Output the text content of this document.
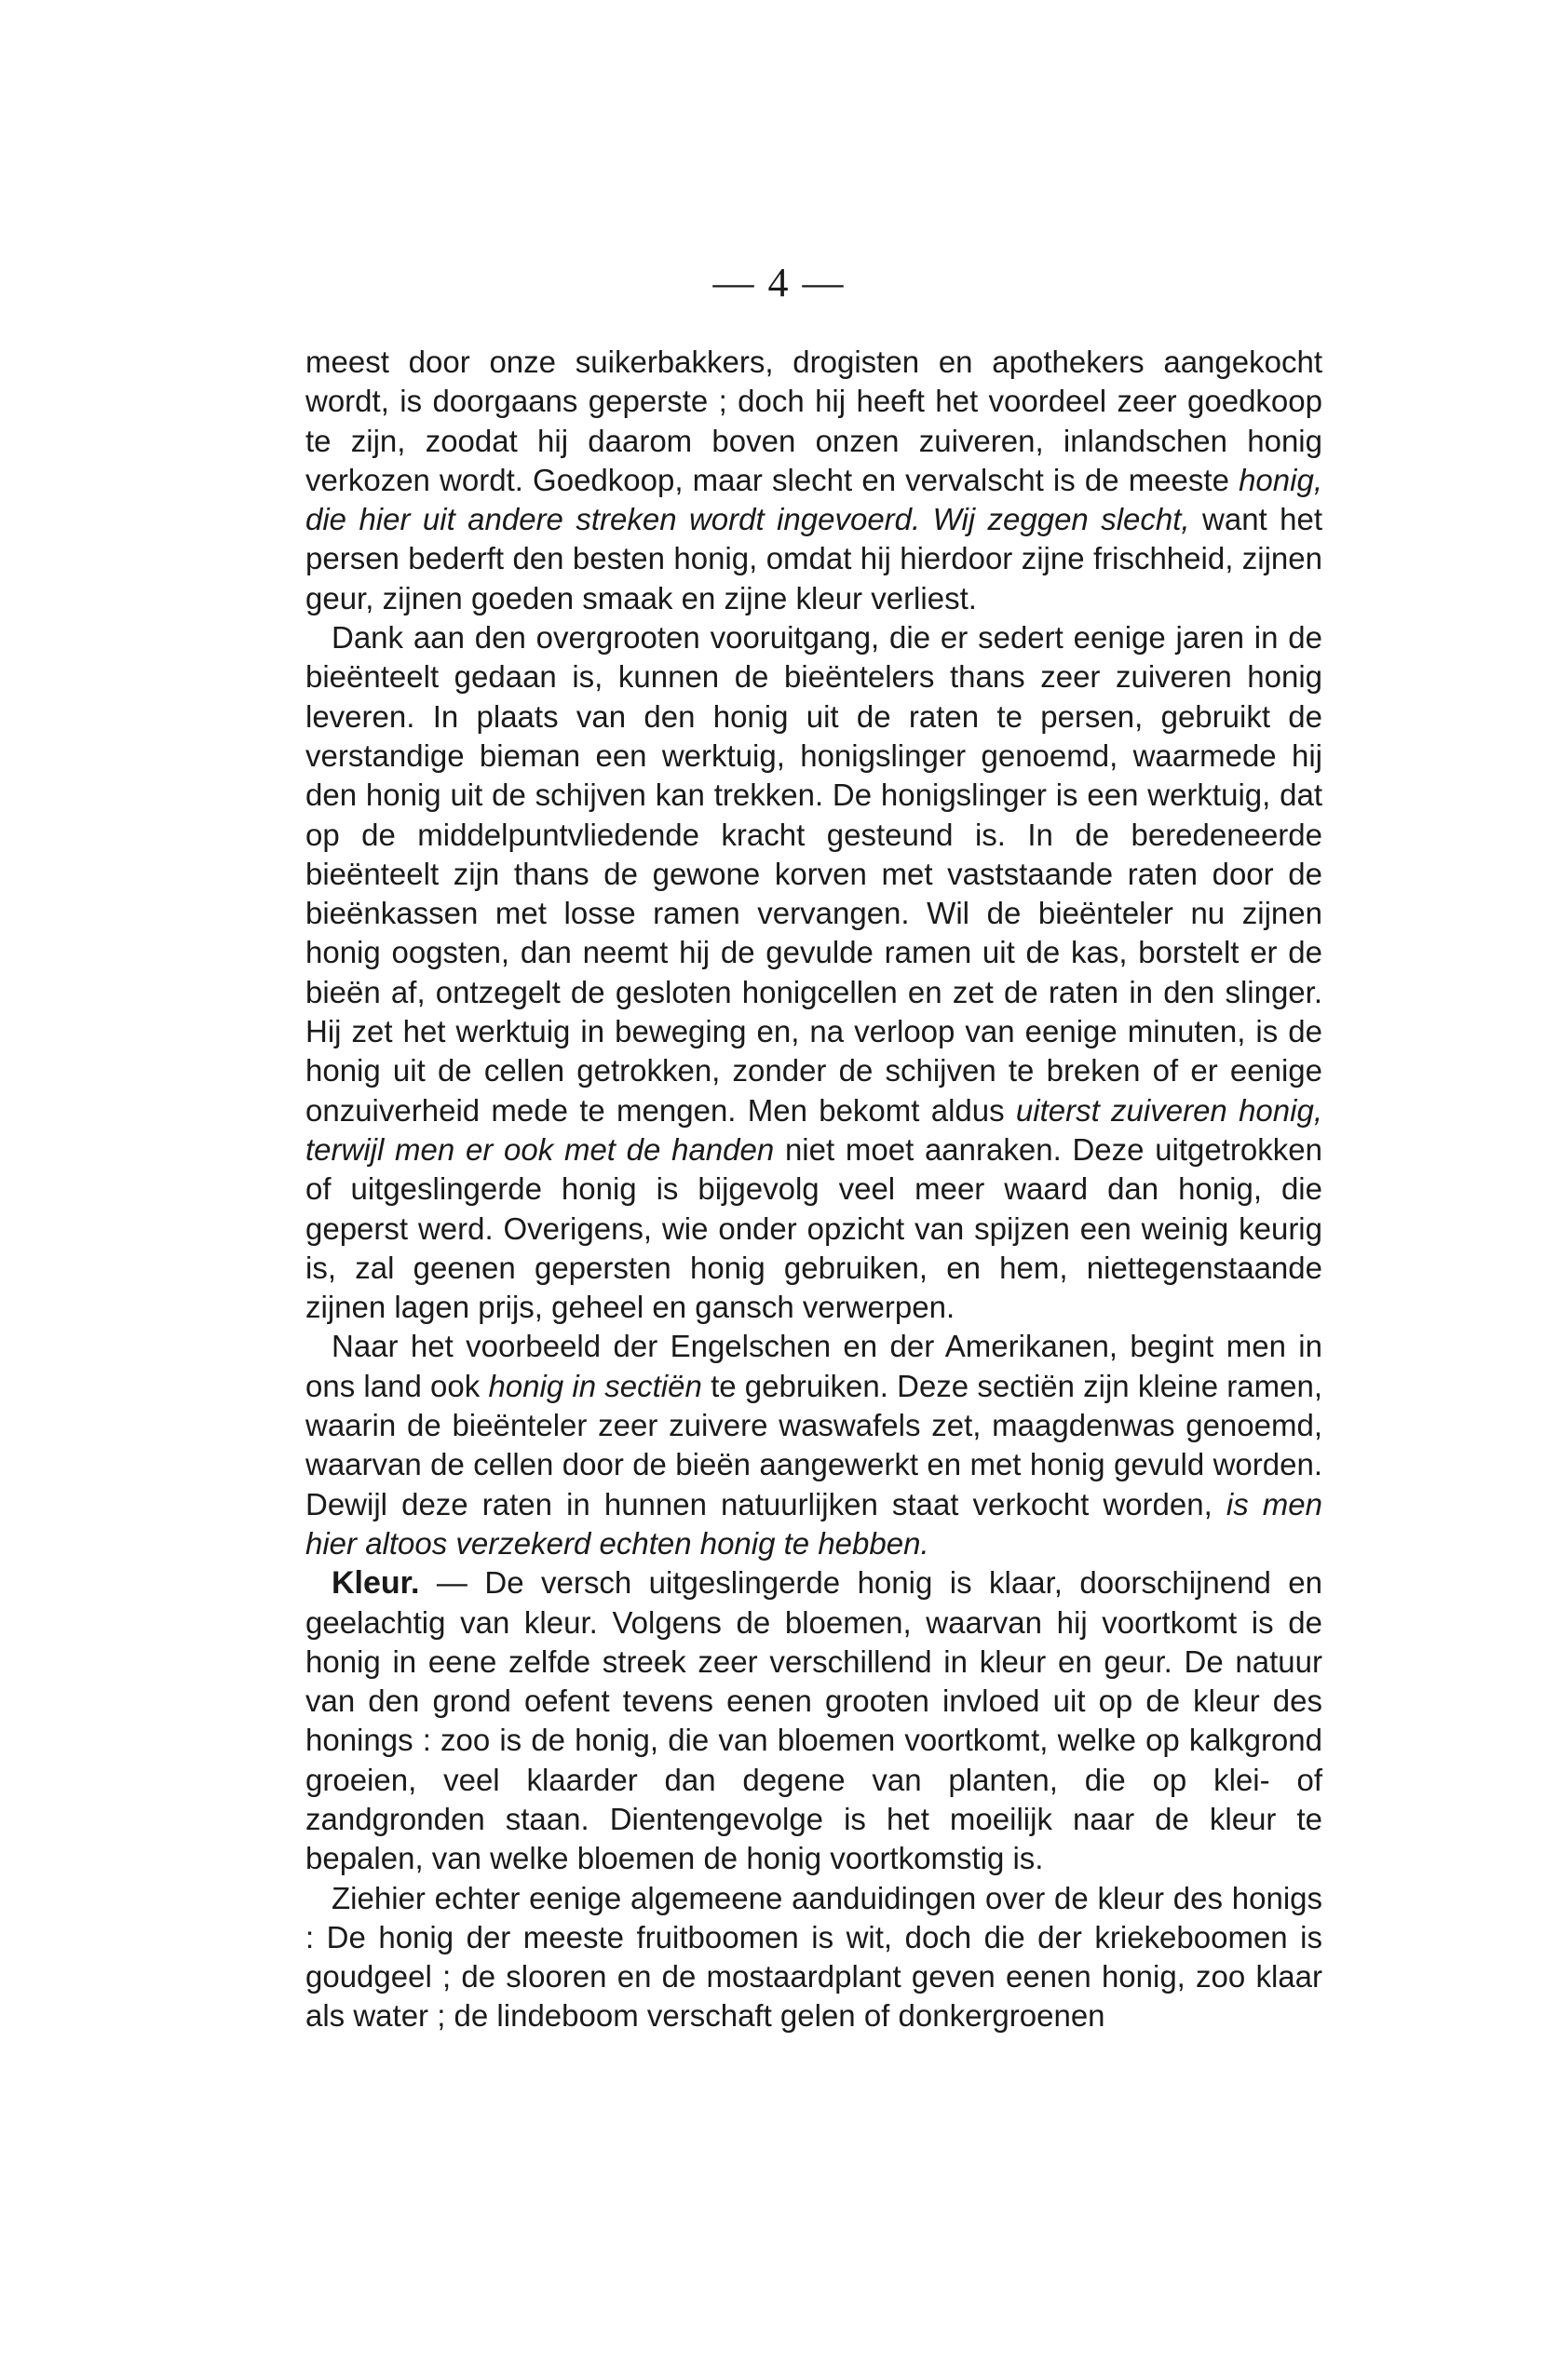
— 4 —

meest door onze suikerbakkers, drogisten en apothekers aangekocht wordt, is doorgaans geperste ; doch hij heeft het voordeel zeer goedkoop te zijn, zoodat hij daarom boven onzen zuiveren, inlandschen honig verkozen wordt. Goedkoop, maar slecht en vervalscht is de meeste honig, die hier uit andere streken wordt ingevoerd. Wij zeggen slecht, want het persen bederft den besten honig, omdat hij hierdoor zijne frischheid, zijnen geur, zijnen goeden smaak en zijne kleur verliest.

Dank aan den overgrooten vooruitgang, die er sedert eenige jaren in de bieënteelt gedaan is, kunnen de bieëntelers thans zeer zuiveren honig leveren. In plaats van den honig uit de raten te persen, gebruikt de verstandige bieman een werktuig, honigslinger genoemd, waarmede hij den honig uit de schijven kan trekken. De honigslinger is een werktuig, dat op de middelpuntvliedende kracht gesteund is. In de beredeneerde bieënteelt zijn thans de gewone korven met vaststaande raten door de bieënkassen met losse ramen vervangen. Wil de bieënteler nu zijnen honig oogsten, dan neemt hij de gevulde ramen uit de kas, borstelt er de bieën af, ontzegelt de gesloten honigcellen en zet de raten in den slinger. Hij zet het werktuig in beweging en, na verloop van eenige minuten, is de honig uit de cellen getrokken, zonder de schijven te breken of er eenige onzuiverheid mede te mengen. Men bekomt aldus uiterst zuiveren honig, terwijl men er ook met de handen niet moet aanraken. Deze uitgetrokken of uitgeslingerde honig is bijgevolg veel meer waard dan honig, die geperst werd. Overigens, wie onder opzicht van spijzen een weinig keurig is, zal geenen gepersten honig gebruiken, en hem, niettegenstaande zijnen lagen prijs, geheel en gansch verwerpen.

Naar het voorbeeld der Engelschen en der Amerikanen, begint men in ons land ook honig in sectiën te gebruiken. Deze sectiën zijn kleine ramen, waarin de bieënteler zeer zuivere waswafels zet, maagdenwas genoemd, waarvan de cellen door de bieën aangewerkt en met honig gevuld worden. Dewijl deze raten in hunnen natuurlijken staat verkocht worden, is men hier altoos verzekerd echten honig te hebben.

Kleur. — De versch uitgeslingerde honig is klaar, doorschijnend en geelachtig van kleur. Volgens de bloemen, waarvan hij voortkomt is de honig in eene zelfde streek zeer verschillend in kleur en geur. De natuur van den grond oefent tevens eenen grooten invloed uit op de kleur des honings : zoo is de honig, die van bloemen voortkomt, welke op kalkgrond groeien, veel klaarder dan degene van planten, die op klei- of zandgronden staan. Dientengevolge is het moeilijk naar de kleur te bepalen, van welke bloemen de honig voortkomstig is.

Ziehier echter eenige algemeene aanduidingen over de kleur des honigs : De honig der meeste fruitboomen is wit, doch die der kriekeboomen is goudgeel ; de slooren en de mostaardplant geven eenen honig, zoo klaar als water ; de lindeboom verschaft gelen of donkergroenen
